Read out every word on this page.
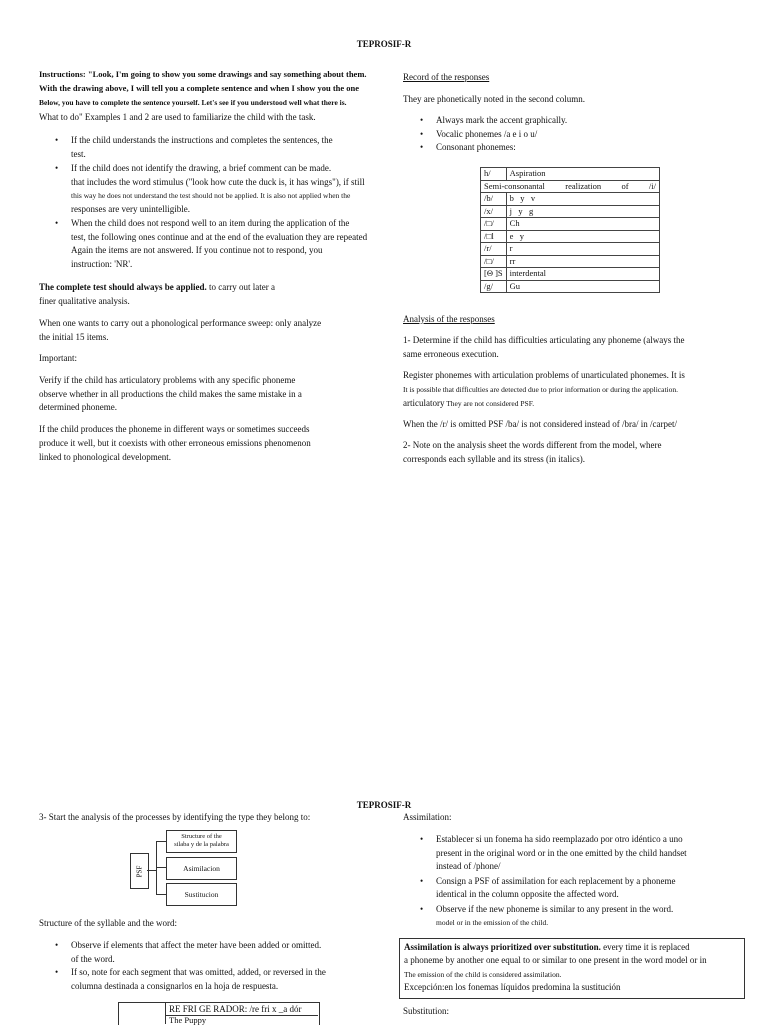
TEPROSIF-R
Instructions: "Look, I'm going to show you some drawings and say something about them.
With the drawing above, I will tell you a complete sentence and when I show you the one
Below, you have to complete the sentence yourself. Let's see if you understood well what there is.
What to do" Examples 1 and 2 are used to familiarize the child with the task.
• If the child understands the instructions and completes the sentences, the
test.
• If the child does not identify the drawing, a brief comment can be made.
that includes the word stimulus ("look how cute the duck is, it has wings"), if still
this way he does not understand the test should not be applied. It is also not applied when the
responses are very unintelligible.
• When the child does not respond well to an item during the application of the
test, the following ones continue and at the end of the evaluation they are repeated
Again the items are not answered. If you continue not to respond, you
instruction: 'NR'.
The complete test should always be applied. to carry out later a
finer qualitative analysis.
When one wants to carry out a phonological performance sweep: only analyze
the initial 15 items.
Important:
Verify if the child has articulatory problems with any specific phoneme
observe whether in all productions the child makes the same mistake in a
determined phoneme.
If the child produces the phoneme in different ways or sometimes succeeds
produce it well, but it coexists with other erroneous emissions phenomenon
linked to phonological development.
Record of the responses
They are phonetically noted in the second column.
• Always mark the accent graphically.
• Vocalic phonemes /a e i o u/
• Consonant phonemes:
h/	Aspiration
Semi-consonantal realization of /i/	
/b/	b   y   v
/x/	j   y   g
/□/	Ch
/□l	e   y
/r/	r
/□/	rr
[Θ ]S	interdental
/g/	Gu
Analysis of the responses
1- Determine if the child has difficulties articulating any phoneme (always the
same erroneous execution.
Register phonemes with articulation problems of unarticulated phonemes. It is
It is possible that difficulties are detected due to prior information or during the application.
articulatory They are not considered PSF.
When the /r/ is omitted PSF /ba/ is not considered instead of /bra/ in /carpet/
2- Note on the analysis sheet the words different from the model, where
corresponds each syllable and its stress (in italics).
TEPROSIF-R
3- Start the analysis of the processes by identifying the type they belong to:
PSF
Structure of the
silaba y de la palabra
Asimilacion
Sustitucion
Structure of the syllable and the word:
• Observe if elements that affect the meter have been added or omitted.
of the word.
• If so, note for each segment that was omitted, added, or reversed in the
columna destinada a consignarlos en la hoja de respuesta.
RE FRI GE RADOR: /re fri x _a dór
The Puppy
Assimilation:
• Establecer si un fonema ha sido reemplazado por otro idéntico a uno
present in the original word or in the one emitted by the child handset
instead of /phone/
• Consign a PSF of assimilation for each replacement by a phoneme
identical in the column opposite the affected word.
• Observe if the new phoneme is similar to any present in the word.
model or in the emission of the child.
Assimilation is always prioritized over substitution. every time it is replaced
a phoneme by another one equal to or similar to one present in the word model or in
The emission of the child is considered assimilation.
Excepción:en los fonemas líquidos predomina la sustitución
Substitution:
